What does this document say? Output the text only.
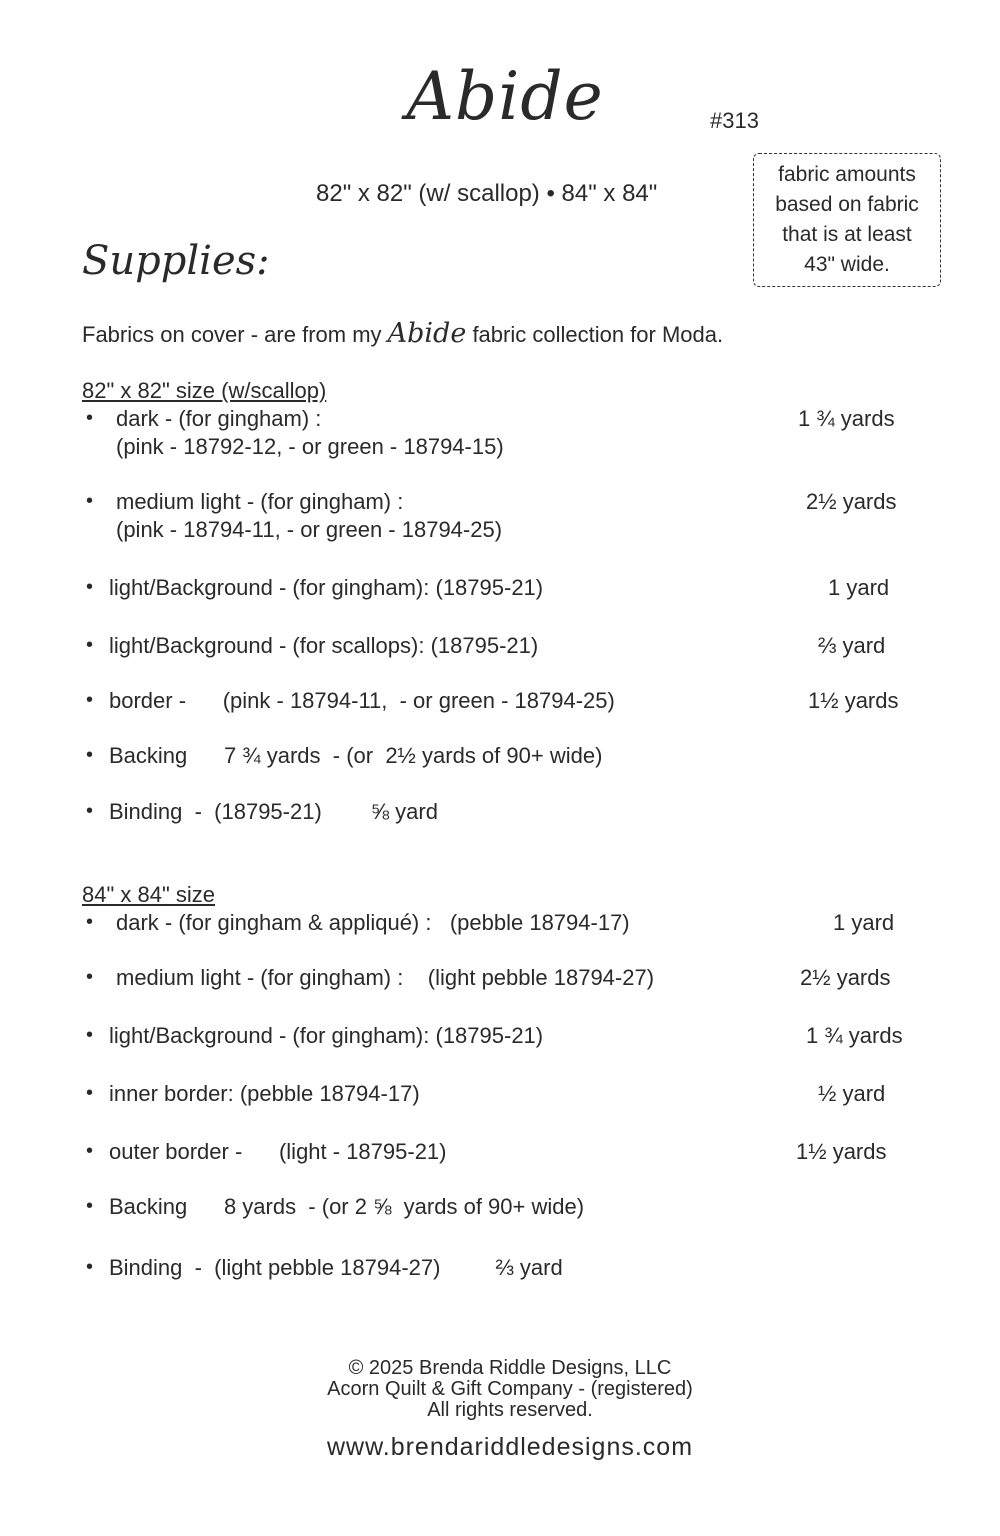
Abide	#313
82" x 82" (w/ scallop) • 84" x 84"
fabric amounts
based on fabric
that is at least
43" wide.
Supplies:
Fabrics on cover - are from my Abide fabric collection for Moda.
82" x 82" size (w/scallop)
• dark - (for gingham) :	1 ¾ yards
(pink - 18792-12, - or green - 18794-15)
• medium light - (for gingham) :	2½ yards
(pink - 18794-11, - or green - 18794-25)
• light/Background - (for gingham): (18795-21)	1 yard
• light/Background - (for scallops): (18795-21)	⅔ yard
• border -      (pink - 18794-11,  - or green - 18794-25)	1½ yards
• Backing      7 ¾ yards  - (or  2½ yards of 90+ wide)
• Binding  -  (18795-21)        ⅝ yard
84" x 84" size
• dark - (for gingham & appliqué) :   (pebble 18794-17)	1 yard
• medium light - (for gingham) :    (light pebble 18794-27)	2½ yards
• light/Background - (for gingham): (18795-21)	1 ¾ yards
• inner border: (pebble 18794-17)	½ yard
• outer border -      (light - 18795-21)	1½ yards
• Backing      8 yards  - (or 2 ⅝  yards of 90+ wide)
• Binding  -  (light pebble 18794-27)         ⅔ yard
© 2025 Brenda Riddle Designs, LLC
Acorn Quilt & Gift Company - (registered)
All rights reserved.
www.brendariddledesigns.com
